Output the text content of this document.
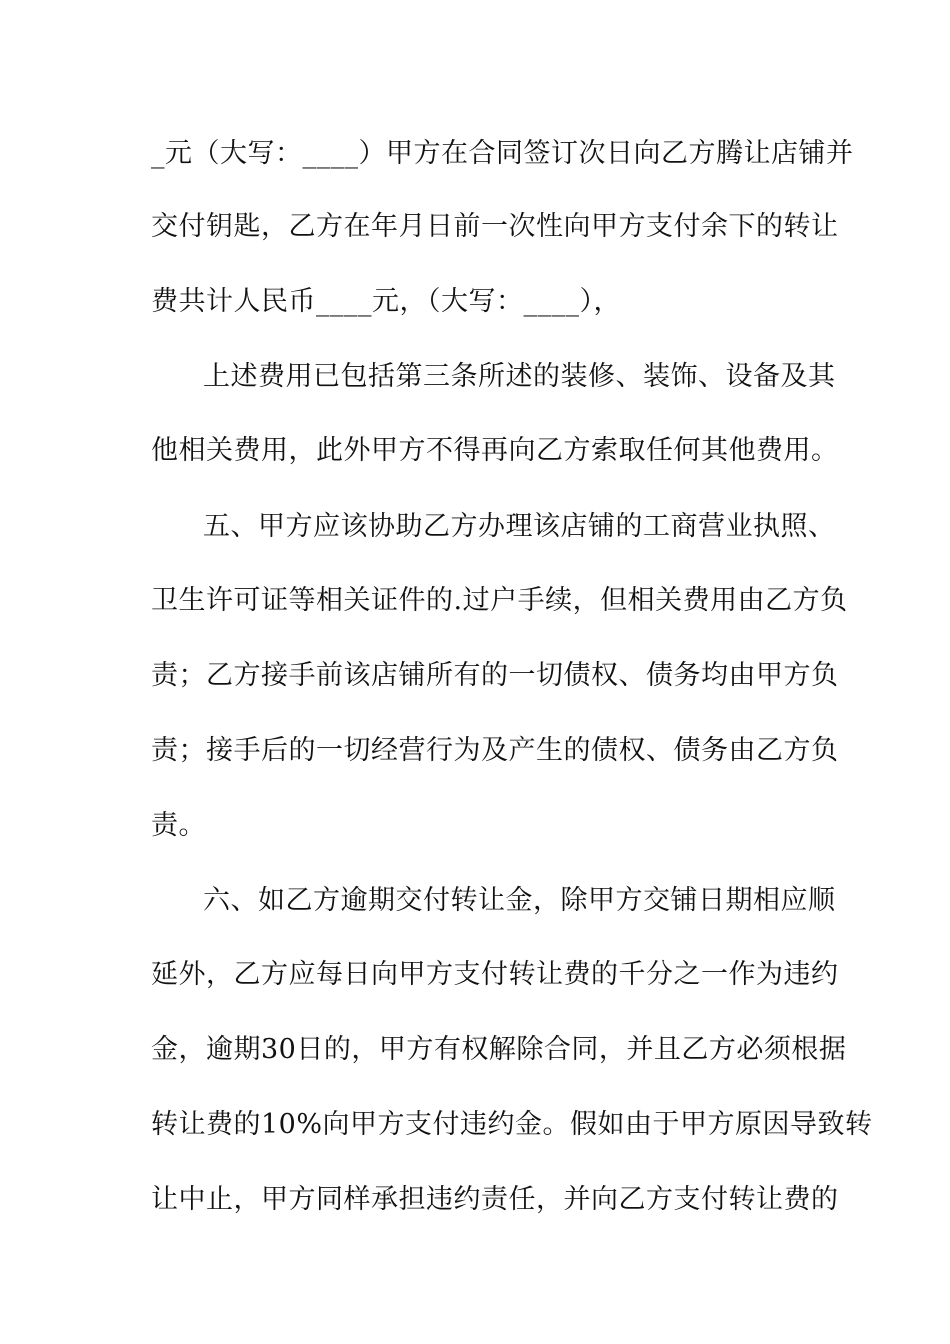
_元（大写：____）甲方在合同签订次日向乙方腾让店铺并
交付钥匙，乙方在年月日前一次性向甲方支付余下的转让
费共计人民币____元，（大写：____），
上述费用已包括第三条所述的装修、装饰、设备及其
他相关费用，此外甲方不得再向乙方索取任何其他费用。
五、甲方应该协助乙方办理该店铺的工商营业执照、
卫生许可证等相关证件的.过户手续，但相关费用由乙方负
责；乙方接手前该店铺所有的一切债权、债务均由甲方负
责；接手后的一切经营行为及产生的债权、债务由乙方负
责。
六、如乙方逾期交付转让金，除甲方交铺日期相应顺
延外，乙方应每日向甲方支付转让费的千分之一作为违约
金，逾期30日的，甲方有权解除合同，并且乙方必须根据
转让费的10%向甲方支付违约金。假如由于甲方原因导致转
让中止，甲方同样承担违约责任，并向乙方支付转让费的
